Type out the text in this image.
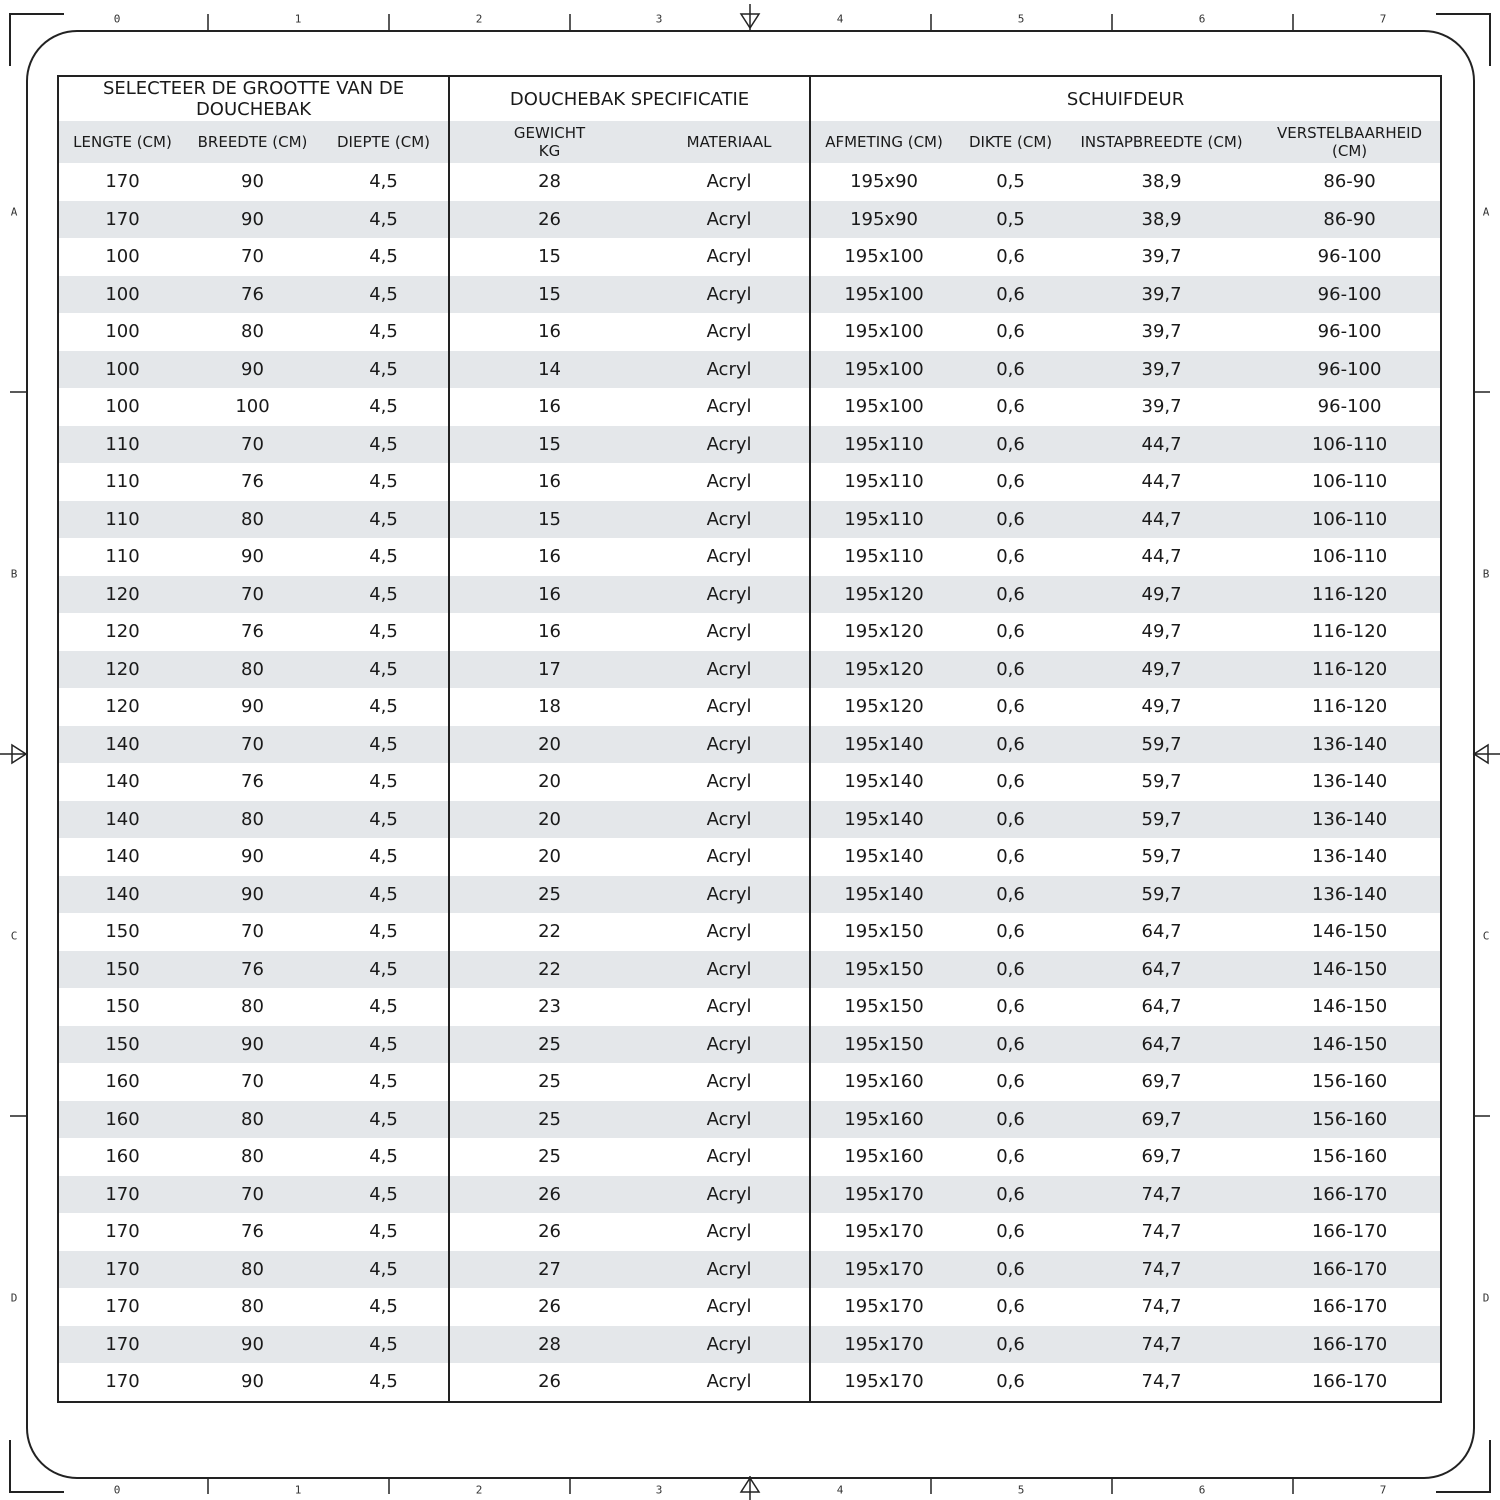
0	1	2	3	4	5	6	7
0	1	2	3	4	5	6	7
A
B
C
D
A
B
C
D
SELECTEER DE GROOTTE VAN DE DOUCHEBAK			DOUCHEBAK SPECIFICATIE		SCHUIFDEUR			
LENGTE (CM)	BREEDTE (CM)	DIEPTE (CM)	GEWICHT KG	MATERIAAL	AFMETING (CM)	DIKTE (CM)	INSTAPBREEDTE (CM)	VERSTELBAARHEID (CM)
170	90	4,5	28	Acryl	195x90	0,5	38,9	86-90
170	90	4,5	26	Acryl	195x90	0,5	38,9	86-90
100	70	4,5	15	Acryl	195x100	0,6	39,7	96-100
100	76	4,5	15	Acryl	195x100	0,6	39,7	96-100
100	80	4,5	16	Acryl	195x100	0,6	39,7	96-100
100	90	4,5	14	Acryl	195x100	0,6	39,7	96-100
100	100	4,5	16	Acryl	195x100	0,6	39,7	96-100
110	70	4,5	15	Acryl	195x110	0,6	44,7	106-110
110	76	4,5	16	Acryl	195x110	0,6	44,7	106-110
110	80	4,5	15	Acryl	195x110	0,6	44,7	106-110
110	90	4,5	16	Acryl	195x110	0,6	44,7	106-110
120	70	4,5	16	Acryl	195x120	0,6	49,7	116-120
120	76	4,5	16	Acryl	195x120	0,6	49,7	116-120
120	80	4,5	17	Acryl	195x120	0,6	49,7	116-120
120	90	4,5	18	Acryl	195x120	0,6	49,7	116-120
140	70	4,5	20	Acryl	195x140	0,6	59,7	136-140
140	76	4,5	20	Acryl	195x140	0,6	59,7	136-140
140	80	4,5	20	Acryl	195x140	0,6	59,7	136-140
140	90	4,5	20	Acryl	195x140	0,6	59,7	136-140
140	90	4,5	25	Acryl	195x140	0,6	59,7	136-140
150	70	4,5	22	Acryl	195x150	0,6	64,7	146-150
150	76	4,5	22	Acryl	195x150	0,6	64,7	146-150
150	80	4,5	23	Acryl	195x150	0,6	64,7	146-150
150	90	4,5	25	Acryl	195x150	0,6	64,7	146-150
160	70	4,5	25	Acryl	195x160	0,6	69,7	156-160
160	80	4,5	25	Acryl	195x160	0,6	69,7	156-160
160	80	4,5	25	Acryl	195x160	0,6	69,7	156-160
170	70	4,5	26	Acryl	195x170	0,6	74,7	166-170
170	76	4,5	26	Acryl	195x170	0,6	74,7	166-170
170	80	4,5	27	Acryl	195x170	0,6	74,7	166-170
170	80	4,5	26	Acryl	195x170	0,6	74,7	166-170
170	90	4,5	28	Acryl	195x170	0,6	74,7	166-170
170	90	4,5	26	Acryl	195x170	0,6	74,7	166-170
